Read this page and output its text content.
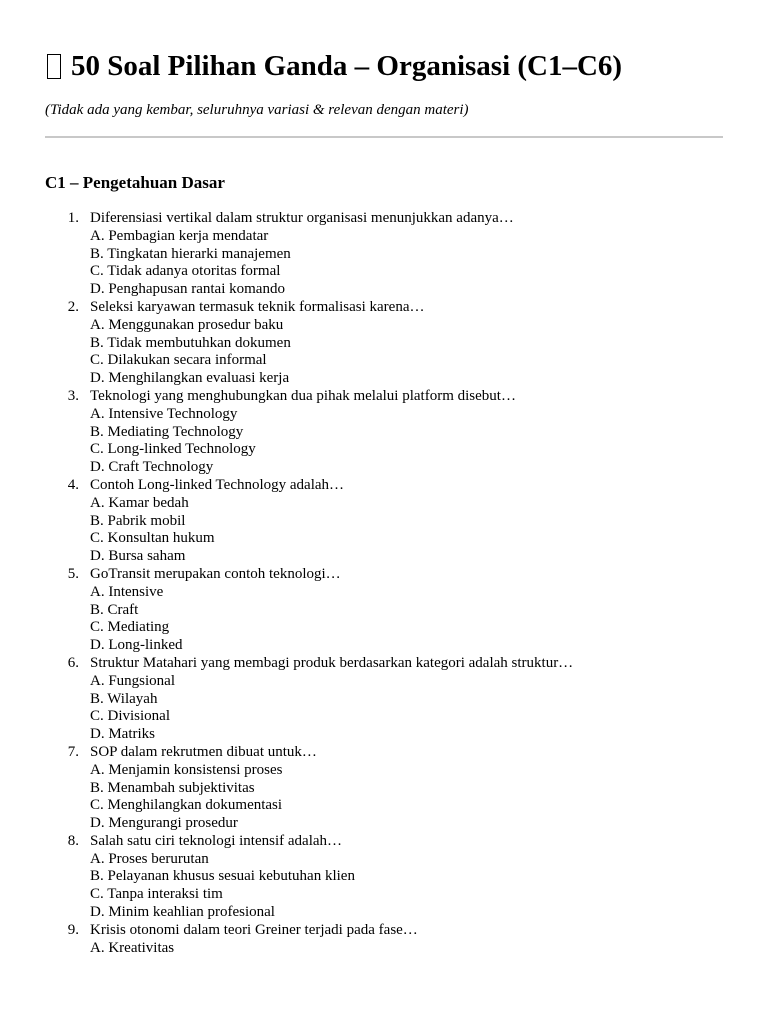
50 Soal Pilihan Ganda – Organisasi (C1–C6)

(Tidak ada yang kembar, seluruhnya variasi & relevan dengan materi)

C1 – Pengetahuan Dasar
1. Diferensiasi vertikal dalam struktur organisasi menunjukkan adanya…
A. Pembagian kerja mendatar
B. Tingkatan hierarki manajemen
C. Tidak adanya otoritas formal
D. Penghapusan rantai komando
2. Seleksi karyawan termasuk teknik formalisasi karena…
A. Menggunakan prosedur baku
B. Tidak membutuhkan dokumen
C. Dilakukan secara informal
D. Menghilangkan evaluasi kerja
3. Teknologi yang menghubungkan dua pihak melalui platform disebut…
A. Intensive Technology
B. Mediating Technology
C. Long-linked Technology
D. Craft Technology
4. Contoh Long-linked Technology adalah…
A. Kamar bedah
B. Pabrik mobil
C. Konsultan hukum
D. Bursa saham
5. GoTransit merupakan contoh teknologi…
A. Intensive
B. Craft
C. Mediating
D. Long-linked
6. Struktur Matahari yang membagi produk berdasarkan kategori adalah struktur…
A. Fungsional
B. Wilayah
C. Divisional
D. Matriks
7. SOP dalam rekrutmen dibuat untuk…
A. Menjamin konsistensi proses
B. Menambah subjektivitas
C. Menghilangkan dokumentasi
D. Mengurangi prosedur
8. Salah satu ciri teknologi intensif adalah…
A. Proses berurutan
B. Pelayanan khusus sesuai kebutuhan klien
C. Tanpa interaksi tim
D. Minim keahlian profesional
9. Krisis otonomi dalam teori Greiner terjadi pada fase…
A. Kreativitas
